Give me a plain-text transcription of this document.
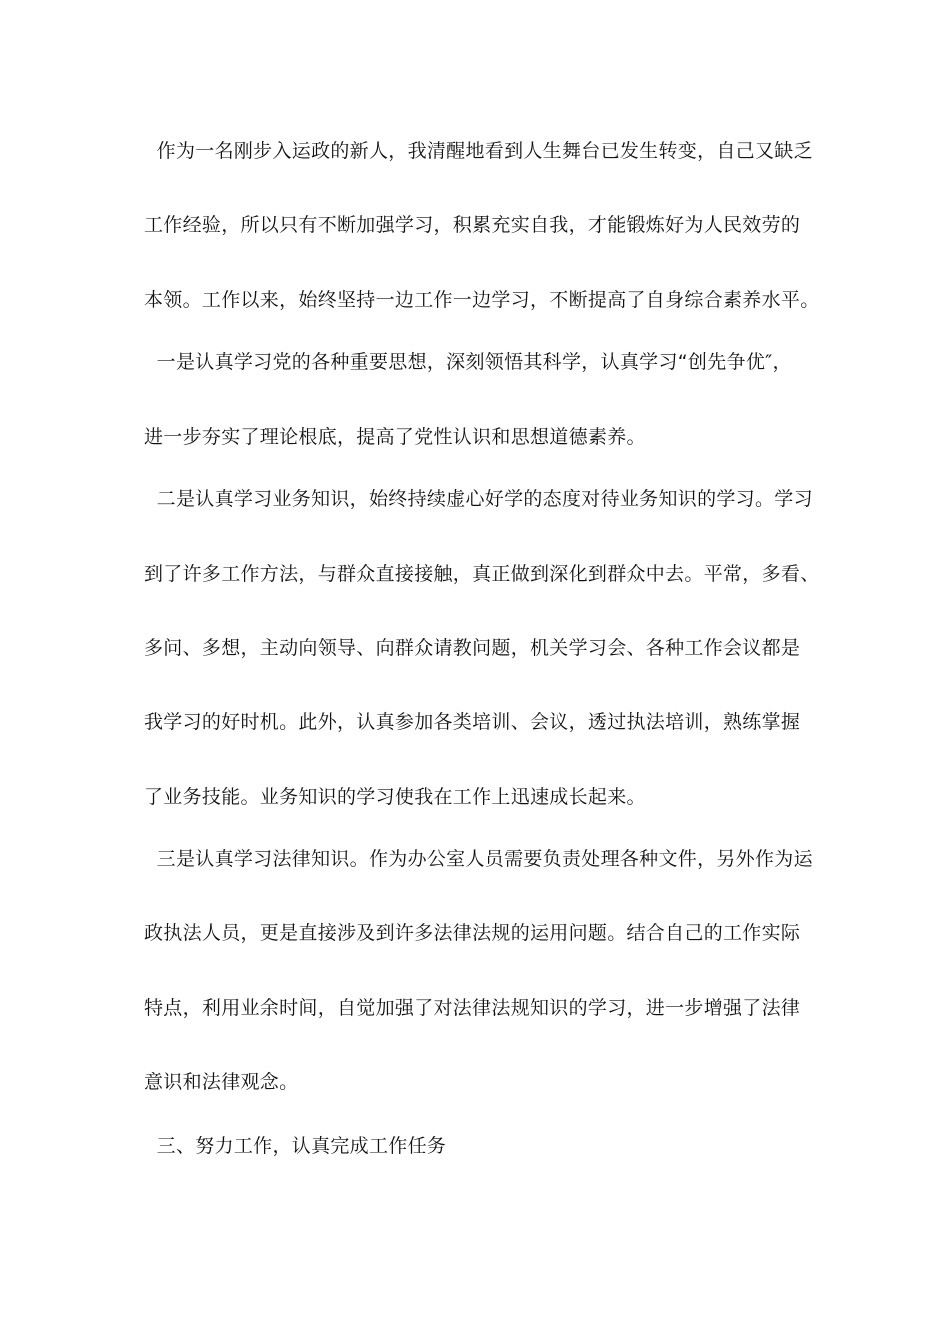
作为一名刚步入运政的新人，我清醒地看到人生舞台已发生转变，自己又缺乏
工作经验，所以只有不断加强学习，积累充实自我，才能锻炼好为人民效劳的
本领。工作以来，始终坚持一边工作一边学习，不断提高了自身综合素养水平。
一是认真学习党的各种重要思想，深刻领悟其科学，认真学习“创先争优″，
进一步夯实了理论根底，提高了党性认识和思想道德素养。
二是认真学习业务知识，始终持续虚心好学的态度对待业务知识的学习。学习
到了许多工作方法，与群众直接接触，真正做到深化到群众中去。平常，多看、
多问、多想，主动向领导、向群众请教问题，机关学习会、各种工作会议都是
我学习的好时机。此外，认真参加各类培训、会议，透过执法培训，熟练掌握
了业务技能。业务知识的学习使我在工作上迅速成长起来。
三是认真学习法律知识。作为办公室人员需要负责处理各种文件，另外作为运
政执法人员，更是直接涉及到许多法律法规的运用问题。结合自己的工作实际
特点，利用业余时间，自觉加强了对法律法规知识的学习，进一步增强了法律
意识和法律观念。
三、努力工作，认真完成工作任务
